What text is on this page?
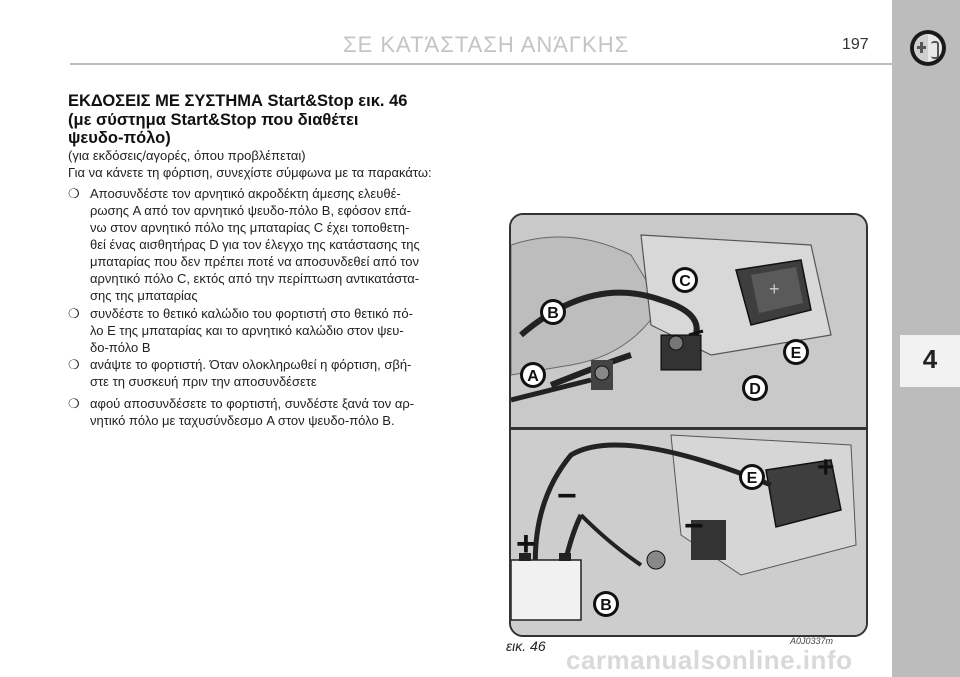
4
ΣΕ ΚΑΤΆΣΤΑΣΗ ΑΝΆΓΚΗΣ	197
ΕΚΔΟΣΕΙΣ ΜΕ ΣΥΣΤΗΜΑ Start&Stop εικ. 46
(με σύστημα Start&Stop που διαθέτει
ψευδο-πόλο)
(για εκδόσεις/αγορές, όπου προβλέπεται)
Για να κάνετε τη φόρτιση, συνεχίστε σύμφωνα με τα παρακάτω:
❍ Αποσυνδέστε τον αρνητικό ακροδέκτη άμεσης ελευθέ-
ρωσης A από τον αρνητικό ψευδο-πόλο B, εφόσον επά-
νω στον αρνητικό πόλο της μπαταρίας C έχει τοποθετη-
θεί ένας αισθητήρας D για τον έλεγχο της κατάστασης της
μπαταρίας που δεν πρέπει ποτέ να αποσυνδεθεί από τον
αρνητικό πόλο C, εκτός από την περίπτωση αντικατάστα-
σης της μπαταρίας
❍ συνδέστε το θετικό καλώδιο του φορτιστή στο θετικό πό-
λο E της μπαταρίας και το αρνητικό καλώδιο στον ψευ-
δο-πόλο B
❍ ανάψτε το φορτιστή. Όταν ολοκληρωθεί η φόρτιση, σβή-
στε τη συσκευή πριν την αποσυνδέσετε
❍ αφού αποσυνδέσετε το φορτιστή, συνδέστε ξανά τον αρ-
νητικό πόλο με ταχυσύνδεσμο A στον ψευδο-πόλο B.
+
A
B
C
D
E
+
−
−
+
E
B
εικ. 46	A0J0337m
carmanualsonline.info
